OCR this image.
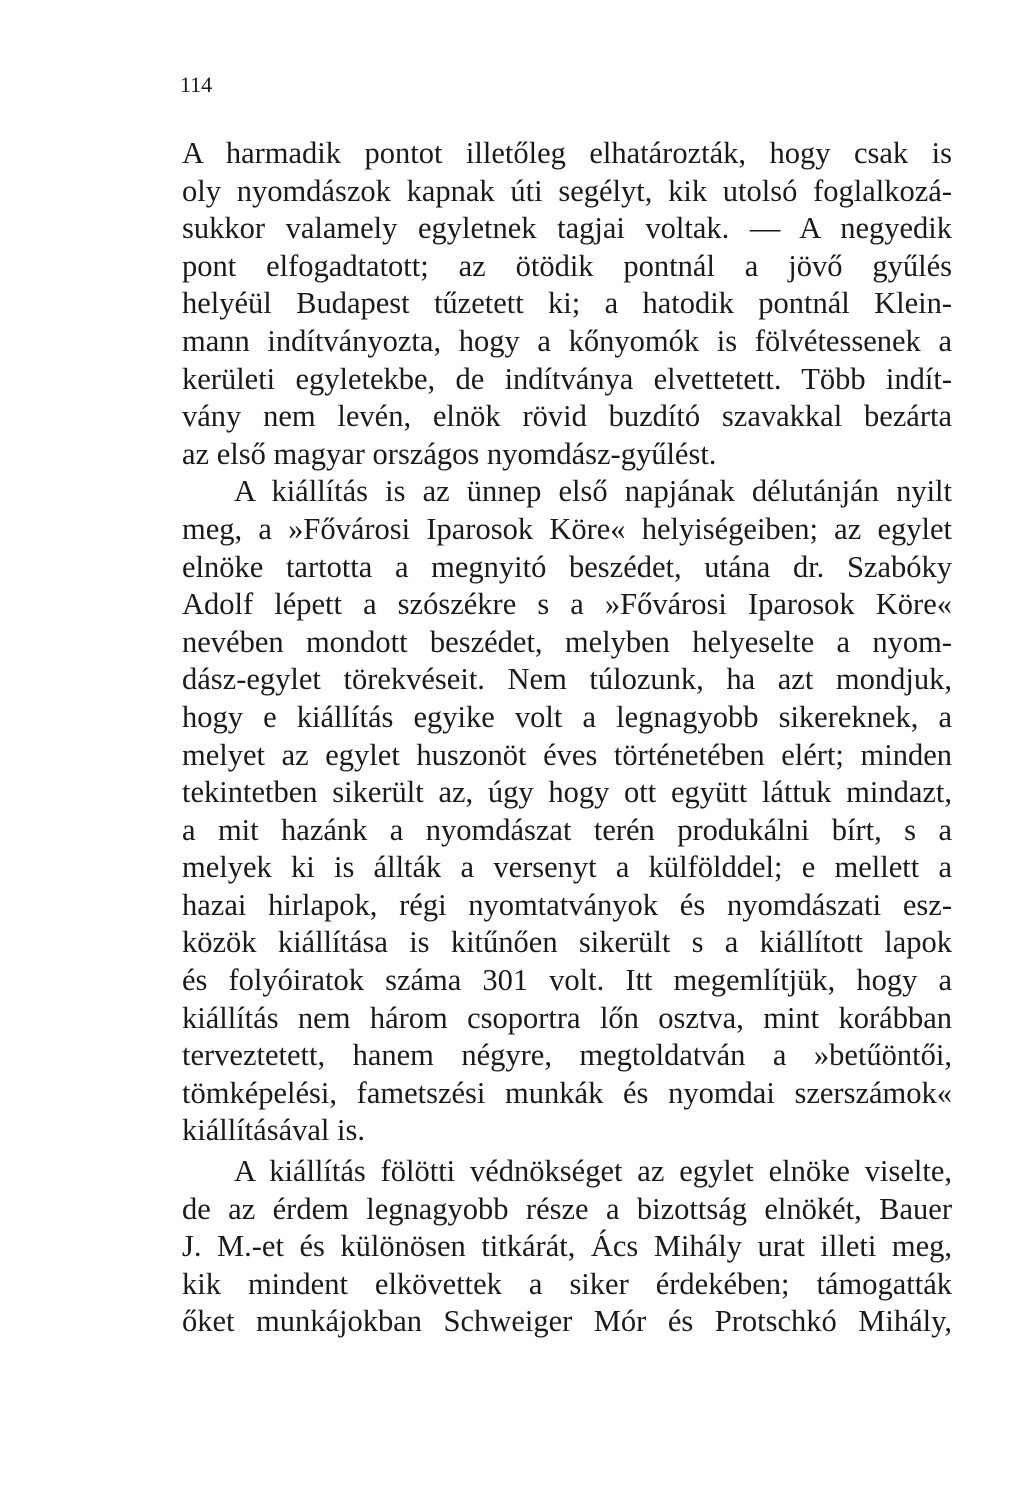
114
A harmadik pontot illetőleg elhatározták, hogy csak is
oly nyomdászok kapnak úti segélyt, kik utolsó foglalkozá-
sukkor valamely egyletnek tagjai voltak. — A negyedik
pont elfogadtatott; az ötödik pontnál a jövő gyűlés
helyéül Budapest tűzetett ki; a hatodik pontnál Klein-
mann indítványozta, hogy a kőnyomók is fölvétessenek a
kerületi egyletekbe, de indítványa elvettetett. Több indít-
vány nem levén, elnök rövid buzdító szavakkal bezárta
az első magyar országos nyomdász-gyűlést.
A kiállítás is az ünnep első napjának délutánján nyilt
meg, a »Fővárosi Iparosok Köre« helyiségeiben; az egylet
elnöke tartotta a megnyitó beszédet, utána dr. Szabóky
Adolf lépett a szószékre s a »Fővárosi Iparosok Köre«
nevében mondott beszédet, melyben helyeselte a nyom-
dász-egylet törekvéseit. Nem túlozunk, ha azt mondjuk,
hogy e kiállítás egyike volt a legnagyobb sikereknek, a
melyet az egylet huszonöt éves történetében elért; minden
tekintetben sikerült az, úgy hogy ott együtt láttuk mindazt,
a mit hazánk a nyomdászat terén produkálni bírt, s a
melyek ki is állták a versenyt a külfölddel; e mellett a
hazai hirlapok, régi nyomtatványok és nyomdászati esz-
közök kiállítása is kitűnően sikerült s a kiállított lapok
és folyóiratok száma 301 volt. Itt megemlítjük, hogy a
kiállítás nem három csoportra lőn osztva, mint korábban
terveztetett, hanem négyre, megtoldatván a »betűöntői,
tömképelési, fametszési munkák és nyomdai szerszámok«
kiállításával is.
A kiállítás fölötti védnökséget az egylet elnöke viselte,
de az érdem legnagyobb része a bizottság elnökét, Bauer
J. M.-et és különösen titkárát, Ács Mihály urat illeti meg,
kik mindent elkövettek a siker érdekében; támogatták
őket munkájokban Schweiger Mór és Protschkó Mihály,
